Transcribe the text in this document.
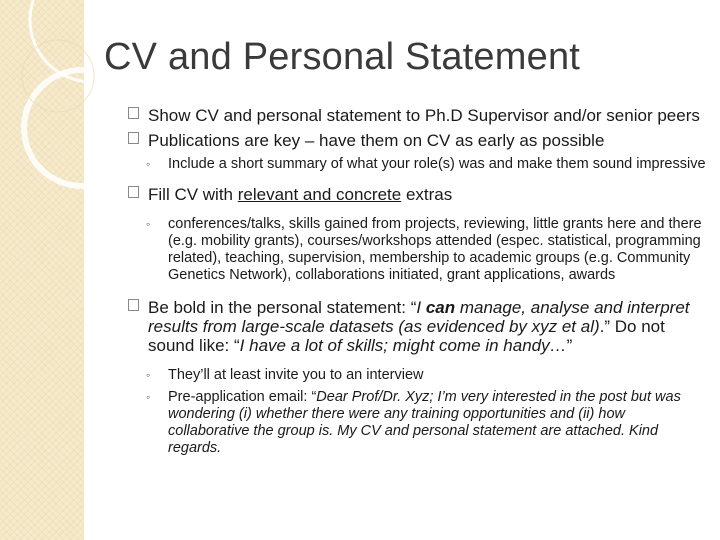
CV and Personal Statement
Show CV and personal statement to Ph.D Supervisor and/or senior peers
Publications are key – have them on CV as early as possible
◦ Include a short summary of what your role(s) was and make them sound impressive
Fill CV with relevant and concrete extras
◦ conferences/talks, skills gained from projects, reviewing, little grants here and there (e.g. mobility grants), courses/workshops attended (espec. statistical, programming related), teaching, supervision, membership to academic groups (e.g. Community Genetics Network), collaborations initiated, grant applications, awards
Be bold in the personal statement: “I can manage, analyse and interpret results from large-scale datasets (as evidenced by xyz et al).” Do not sound like: “I have a lot of skills; might come in handy…”
◦ They’ll at least invite you to an interview
◦ Pre-application email: “Dear Prof/Dr. Xyz; I’m very interested in the post but was wondering (i) whether there were any training opportunities and (ii) how collaborative the group is. My CV and personal statement are attached. Kind regards.
